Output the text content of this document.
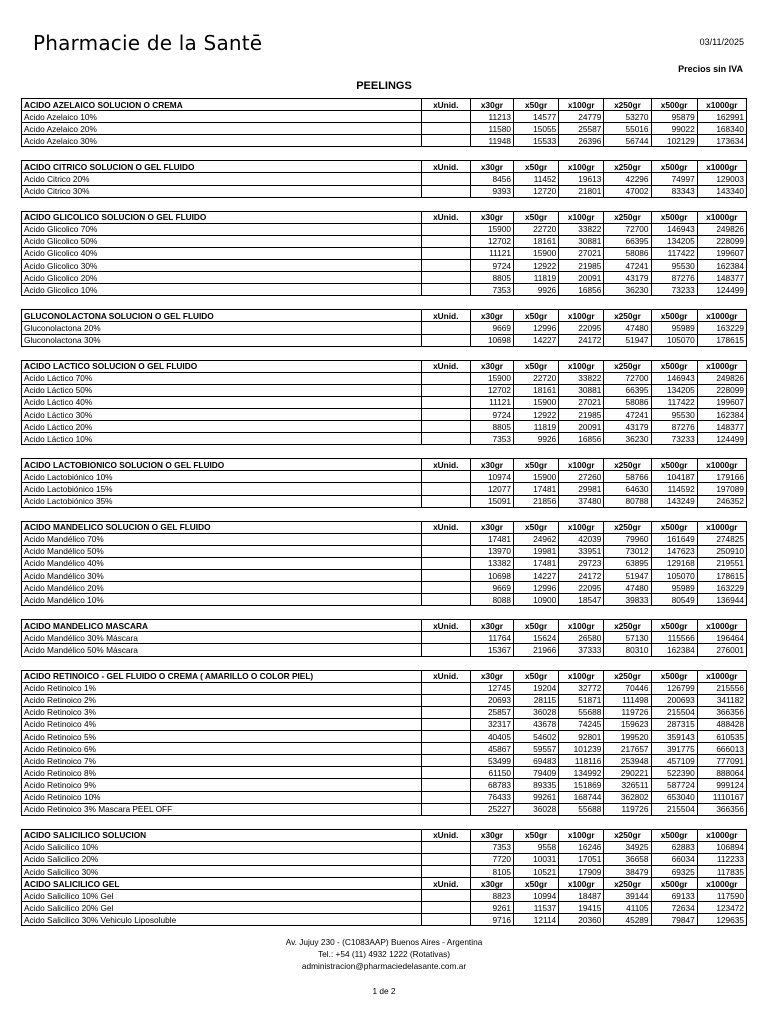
Pharmacie de la Santē	03/11/2025
Precios sin IVA
PEELINGS
ACIDO AZELAICO SOLUCION O CREMA	xUnid.	x30gr	x50gr	x100gr	x250gr	x500gr	x1000gr
Acido Azelaico 10%		11213	14577	24779	53270	95879	162991
Acido Azelaico 20%		11580	15055	25587	55016	99022	168340
Acido Azelaico 30%		11948	15533	26396	56744	102129	173634
ACIDO CITRICO SOLUCION O GEL FLUIDO	xUnid.	x30gr	x50gr	x100gr	x250gr	x500gr	x1000gr
Acido Citrico 20%		8456	11452	19613	42296	74997	129003
Acido Citrico 30%		9393	12720	21801	47002	83343	143340
ACIDO GLICOLICO SOLUCION O GEL FLUIDO	xUnid.	x30gr	x50gr	x100gr	x250gr	x500gr	x1000gr
Acido Glicolico 70%		15900	22720	33822	72700	146943	249826
Acido Glicolico 50%		12702	18161	30881	66395	134205	228099
Acido Glicolico 40%		11121	15900	27021	58086	117422	199607
Acido Glicolico 30%		9724	12922	21985	47241	95530	162384
Acido Glicolico 20%		8805	11819	20091	43179	87276	148377
Acido Glicolico 10%		7353	9926	16856	36230	73233	124499
GLUCONOLACTONA SOLUCION O GEL FLUIDO	xUnid.	x30gr	x50gr	x100gr	x250gr	x500gr	x1000gr
Gluconolactona 20%		9669	12996	22095	47480	95989	163229
Gluconolactona 30%		10698	14227	24172	51947	105070	178615
ACIDO LACTICO SOLUCION O GEL FLUIDO	xUnid.	x30gr	x50gr	x100gr	x250gr	x500gr	x1000gr
Acido Láctico 70%		15900	22720	33822	72700	146943	249826
Acido Láctico 50%		12702	18161	30881	66395	134205	228099
Acido Láctico 40%		11121	15900	27021	58086	117422	199607
Acido Láctico 30%		9724	12922	21985	47241	95530	162384
Acido Láctico 20%		8805	11819	20091	43179	87276	148377
Acido Láctico 10%		7353	9926	16856	36230	73233	124499
ACIDO LACTOBIONICO SOLUCION O GEL FLUIDO	xUnid.	x30gr	x50gr	x100gr	x250gr	x500gr	x1000gr
Acido Lactobiónico 10%		10974	15900	27260	58766	104187	179166
Acido Lactobiónico 15%		12077	17481	29981	64630	114592	197089
Acido Lactobiónico 35%		15091	21856	37480	80788	143249	246352
ACIDO MANDELICO SOLUCION O GEL FLUIDO	xUnid.	x30gr	x50gr	x100gr	x250gr	x500gr	x1000gr
Acido Mandélico 70%		17481	24962	42039	79960	161649	274825
Acido Mandélico 50%		13970	19981	33951	73012	147623	250910
Acido Mandélico 40%		13382	17481	29723	63895	129168	219551
Acido Mandélico 30%		10698	14227	24172	51947	105070	178615
Acido Mandélico 20%		9669	12996	22095	47480	95989	163229
Acido Mandélico 10%		8088	10900	18547	39833	80549	136944
ACIDO MANDELICO MASCARA	xUnid.	x30gr	x50gr	x100gr	x250gr	x500gr	x1000gr
Acido Mandélico 30% Máscara		11764	15624	26580	57130	115566	196464
Acido Mandélico 50% Máscara		15367	21966	37333	80310	162384	276001
ACIDO RETINOICO - GEL FLUIDO O CREMA ( AMARILLO O COLOR PIEL)	xUnid.	x30gr	x50gr	x100gr	x250gr	x500gr	x1000gr
Acido Retinoico 1%		12745	19204	32772	70446	126799	215556
Acido Retinoico 2%		20693	28115	51871	111498	200693	341182
Acido Retinoico 3%		25857	36028	55688	119726	215504	366356
Acido Retinoico 4%		32317	43678	74245	159623	287315	488428
Acido Retinoico 5%		40405	54602	92801	199520	359143	610535
Acido Retinoico 6%		45867	59557	101239	217657	391775	666013
Acido Retinoico 7%		53499	69483	118116	253948	457109	777091
Acido Retinoico 8%		61150	79409	134992	290221	522390	888064
Acido Retinoico 9%		68783	89335	151869	326511	587724	999124
Acido Retinoico 10%		76433	99261	168744	362802	653040	1110167
Acido Retinoico 3% Mascara PEEL OFF		25227	36028	55688	119726	215504	366356
ACIDO SALICILICO SOLUCION	xUnid.	x30gr	x50gr	x100gr	x250gr	x500gr	x1000gr
Acido Salicilico 10%		7353	9558	16246	34925	62883	106894
Acido Salicilico 20%		7720	10031	17051	36658	66034	112233
Acido Salicilico 30%		8105	10521	17909	38479	69325	117835
ACIDO SALICILICO GEL	xUnid.	x30gr	x50gr	x100gr	x250gr	x500gr	x1000gr
Acido Salicilico 10% Gel		8823	10994	18487	39144	69133	117590
Acido Salicilico 20% Gel		9261	11537	19415	41105	72634	123472
Acido Salicilico 30% Vehiculo Liposoluble		9716	12114	20360	45289	79847	129635
Av. Jujuy 230 - (C1083AAP) Buenos Aires - Argentina
Tel.: +54 (11) 4932 1222 (Rotativas)
administracion@pharmaciedelasante.com.ar
1 de 2
